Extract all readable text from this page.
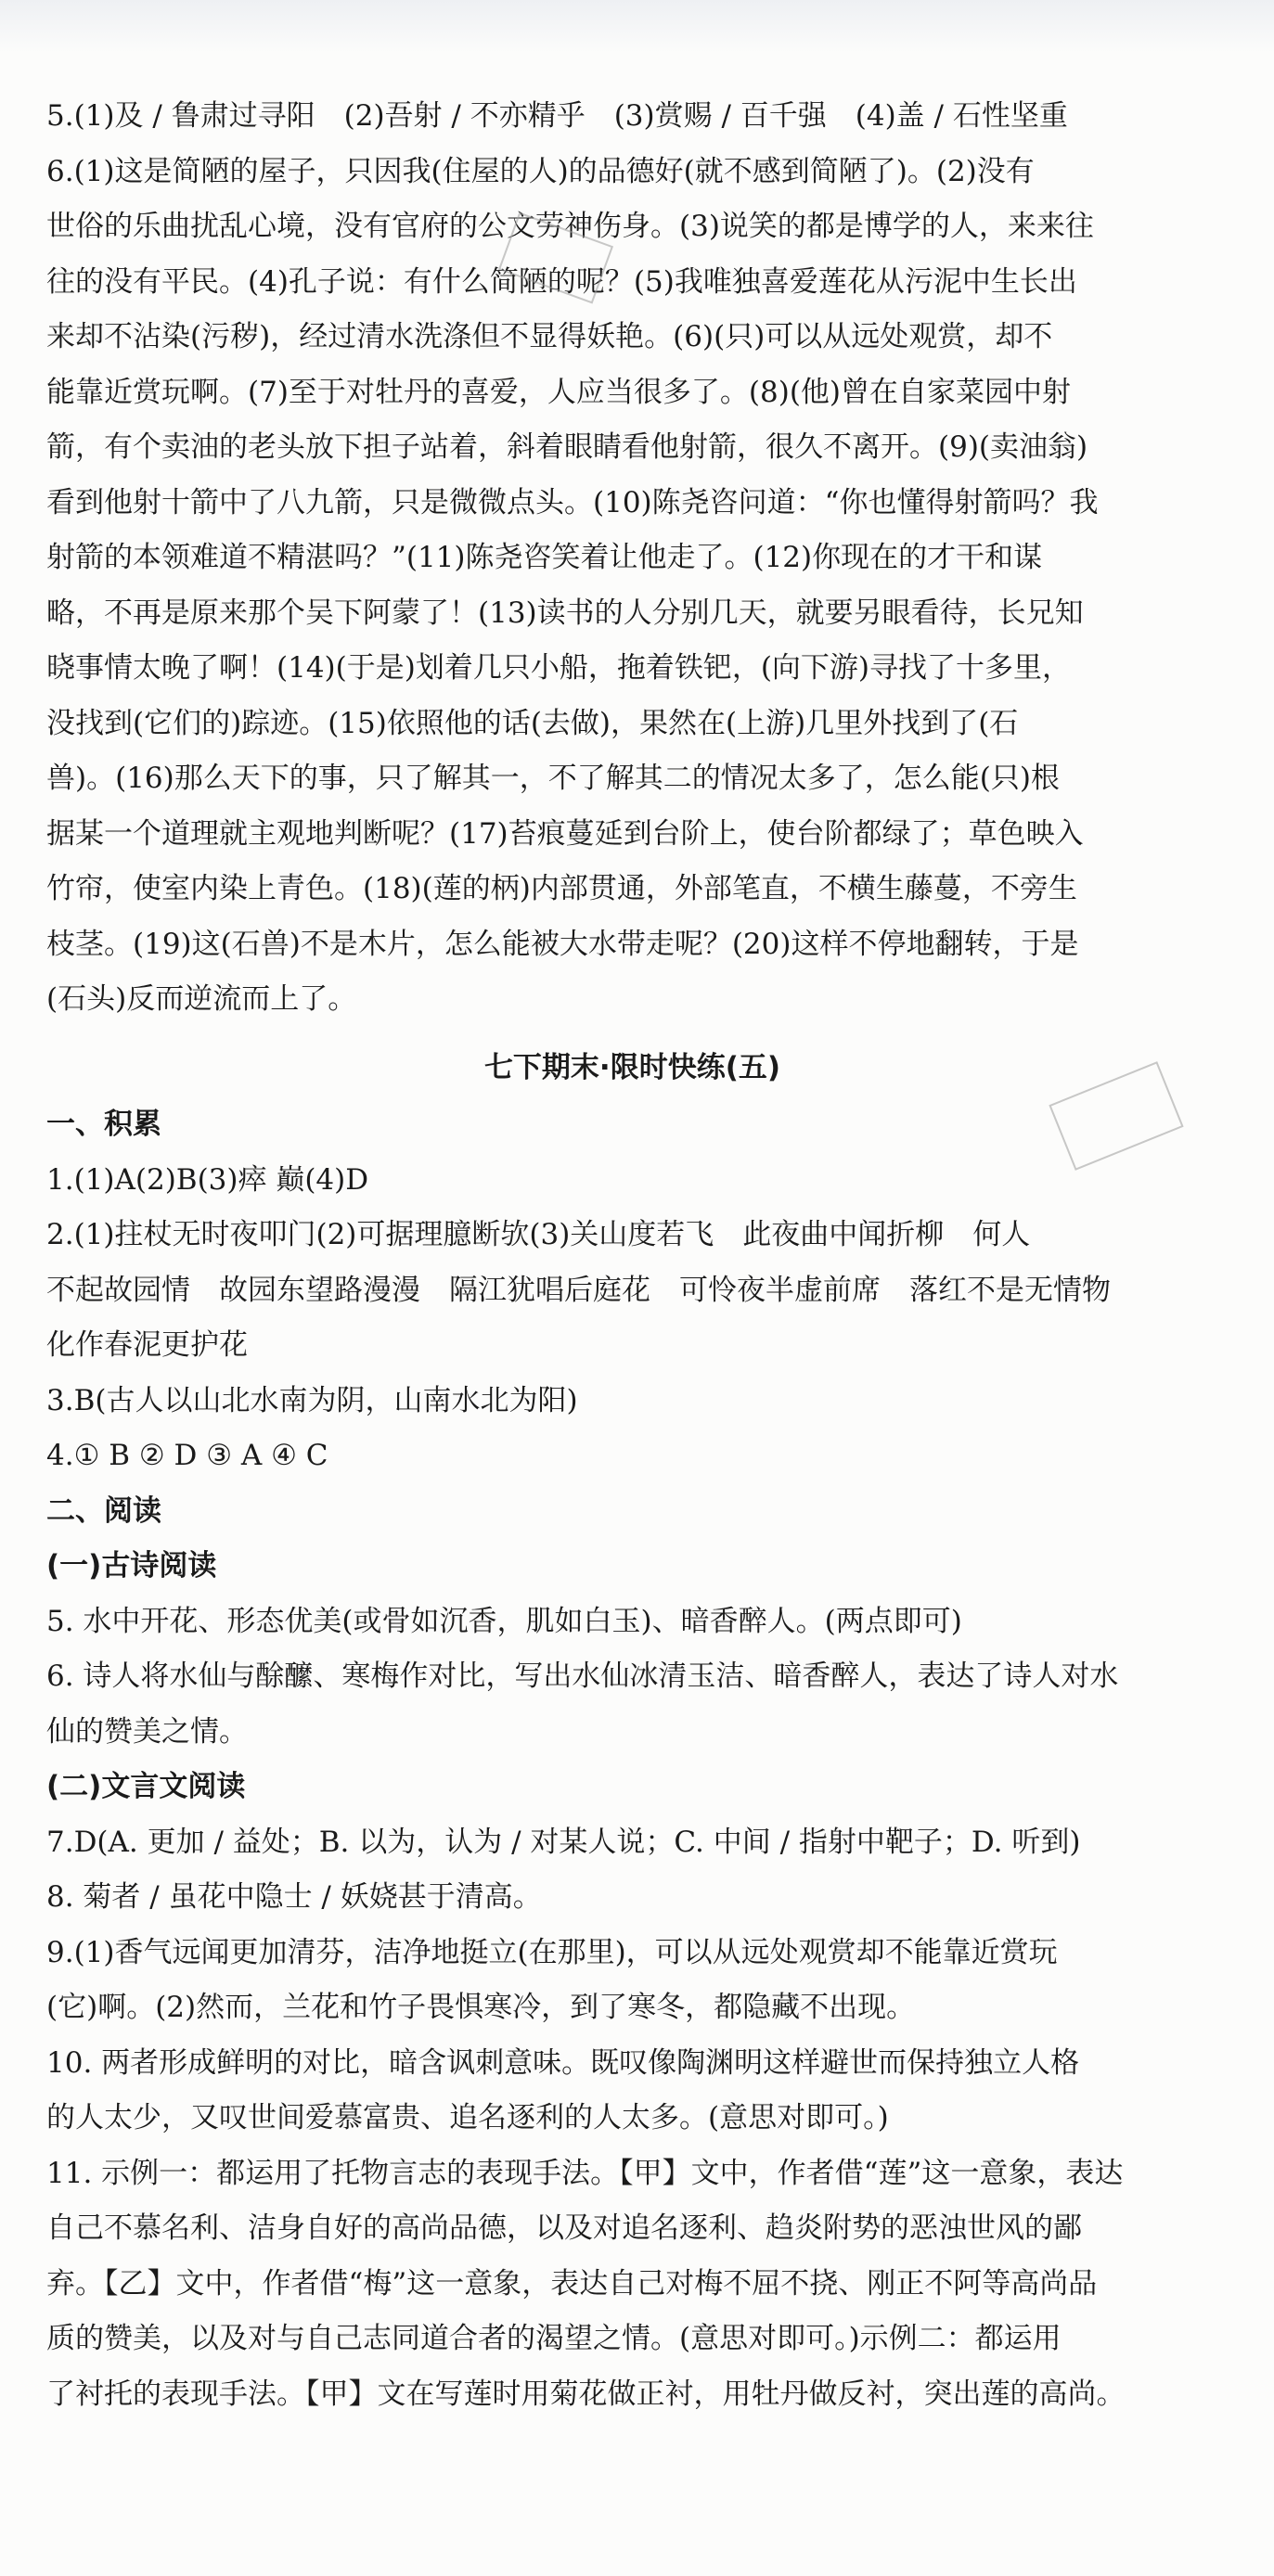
5.(1)及 / 鲁肃过寻阳　(2)吾射 / 不亦精乎　(3)赏赐 / 百千强　(4)盖 / 石性坚重
6.(1)这是简陋的屋子，只因我(住屋的人)的品德好(就不感到简陋了)。(2)没有
世俗的乐曲扰乱心境，没有官府的公文劳神伤身。(3)说笑的都是博学的人，来来往
往的没有平民。(4)孔子说：有什么简陋的呢？(5)我唯独喜爱莲花从污泥中生长出
来却不沾染(污秽)，经过清水洗涤但不显得妖艳。(6)(只)可以从远处观赏，却不
能靠近赏玩啊。(7)至于对牡丹的喜爱，人应当很多了。(8)(他)曾在自家菜园中射
箭，有个卖油的老头放下担子站着，斜着眼睛看他射箭，很久不离开。(9)(卖油翁)
看到他射十箭中了八九箭，只是微微点头。(10)陈尧咨问道：“你也懂得射箭吗？我
射箭的本领难道不精湛吗？”(11)陈尧咨笑着让他走了。(12)你现在的才干和谋
略，不再是原来那个吴下阿蒙了！(13)读书的人分别几天，就要另眼看待，长兄知
晓事情太晚了啊！(14)(于是)划着几只小船，拖着铁钯，(向下游)寻找了十多里，
没找到(它们的)踪迹。(15)依照他的话(去做)，果然在(上游)几里外找到了(石
兽)。(16)那么天下的事，只了解其一，不了解其二的情况太多了，怎么能(只)根
据某一个道理就主观地判断呢？(17)苔痕蔓延到台阶上，使台阶都绿了；草色映入
竹帘，使室内染上青色。(18)(莲的柄)内部贯通，外部笔直，不横生藤蔓，不旁生
枝茎。(19)这(石兽)不是木片，怎么能被大水带走呢？(20)这样不停地翻转，于是
(石头)反而逆流而上了。
七下期末·限时快练(五)
一、积累
1.(1)A(2)B(3)瘁 巅(4)D
2.(1)拄杖无时夜叩门(2)可据理臆断欤(3)关山度若飞　此夜曲中闻折柳　何人
不起故园情　故园东望路漫漫　隔江犹唱后庭花　可怜夜半虚前席　落红不是无情物
化作春泥更护花
3.B(古人以山北水南为阴，山南水北为阳)
4.① B ② D ③ A ④ C
二、阅读
(一)古诗阅读
5. 水中开花、形态优美(或骨如沉香，肌如白玉)、暗香醉人。(两点即可)
6. 诗人将水仙与酴醿、寒梅作对比，写出水仙冰清玉洁、暗香醉人，表达了诗人对水
仙的赞美之情。
(二)文言文阅读
7.D(A. 更加 / 益处；B. 以为，认为 / 对某人说；C. 中间 / 指射中靶子；D. 听到)
8. 菊者 / 虽花中隐士 / 妖娆甚于清高。
9.(1)香气远闻更加清芬，洁净地挺立(在那里)，可以从远处观赏却不能靠近赏玩
(它)啊。(2)然而，兰花和竹子畏惧寒冷，到了寒冬，都隐藏不出现。
10. 两者形成鲜明的对比，暗含讽刺意味。既叹像陶渊明这样避世而保持独立人格
的人太少，又叹世间爱慕富贵、追名逐利的人太多。(意思对即可。)
11. 示例一：都运用了托物言志的表现手法。【甲】文中，作者借“莲”这一意象，表达
自己不慕名利、洁身自好的高尚品德，以及对追名逐利、趋炎附势的恶浊世风的鄙
弃。【乙】文中，作者借“梅”这一意象，表达自己对梅不屈不挠、刚正不阿等高尚品
质的赞美，以及对与自己志同道合者的渴望之情。(意思对即可。)示例二：都运用
了衬托的表现手法。【甲】文在写莲时用菊花做正衬，用牡丹做反衬，突出莲的高尚。
